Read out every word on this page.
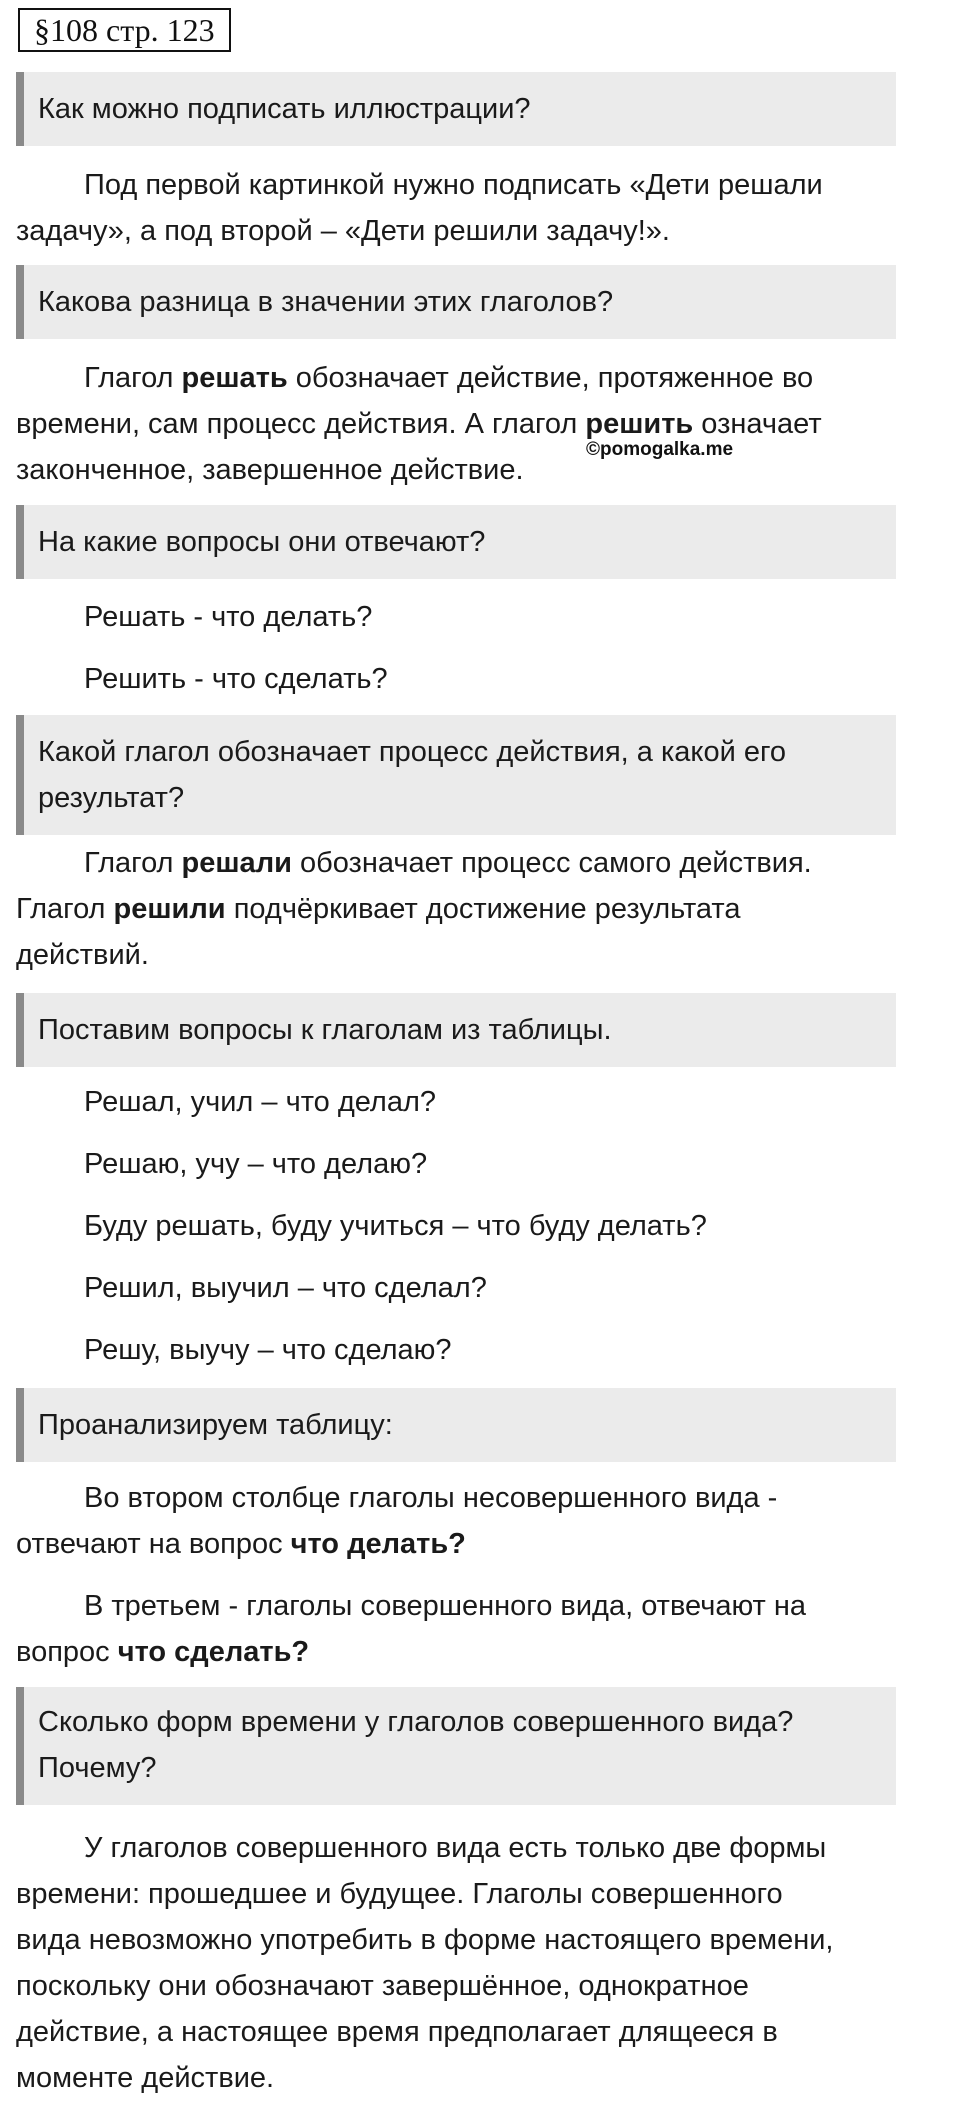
§108 стр. 123
Как можно подписать иллюстрации?
Под первой картинкой нужно подписать «Дети решали
задачу», а под второй – «Дети решили задачу!».
Какова разница в значении этих глаголов?
Глагол решать обозначает действие, протяженное во
времени, сам процесс действия. А глагол решить означает
законченное, завершенное действие.
©pomogalka.me
На какие вопросы они отвечают?
Решать - что делать?
Решить - что сделать?
Какой глагол обозначает процесс действия, а какой его
результат?
Глагол решали обозначает процесс самого действия.
Глагол решили подчёркивает достижение результата
действий.
Поставим вопросы к глаголам из таблицы.
Решал, учил – что делал?
Решаю, учу – что делаю?
Буду решать, буду учиться – что буду делать?
Решил, выучил – что сделал?
Решу, выучу – что сделаю?
Проанализируем таблицу:
Во втором столбце глаголы несовершенного вида -
отвечают на вопрос что делать?
В третьем - глаголы совершенного вида, отвечают на
вопрос что сделать?
Сколько форм времени у глаголов совершенного вида?
Почему?
У глаголов совершенного вида есть только две формы
времени: прошедшее и будущее. Глаголы совершенного
вида невозможно употребить в форме настоящего времени,
поскольку они обозначают завершённое, однократное
действие, а настоящее время предполагает длящееся в
моменте действие.
